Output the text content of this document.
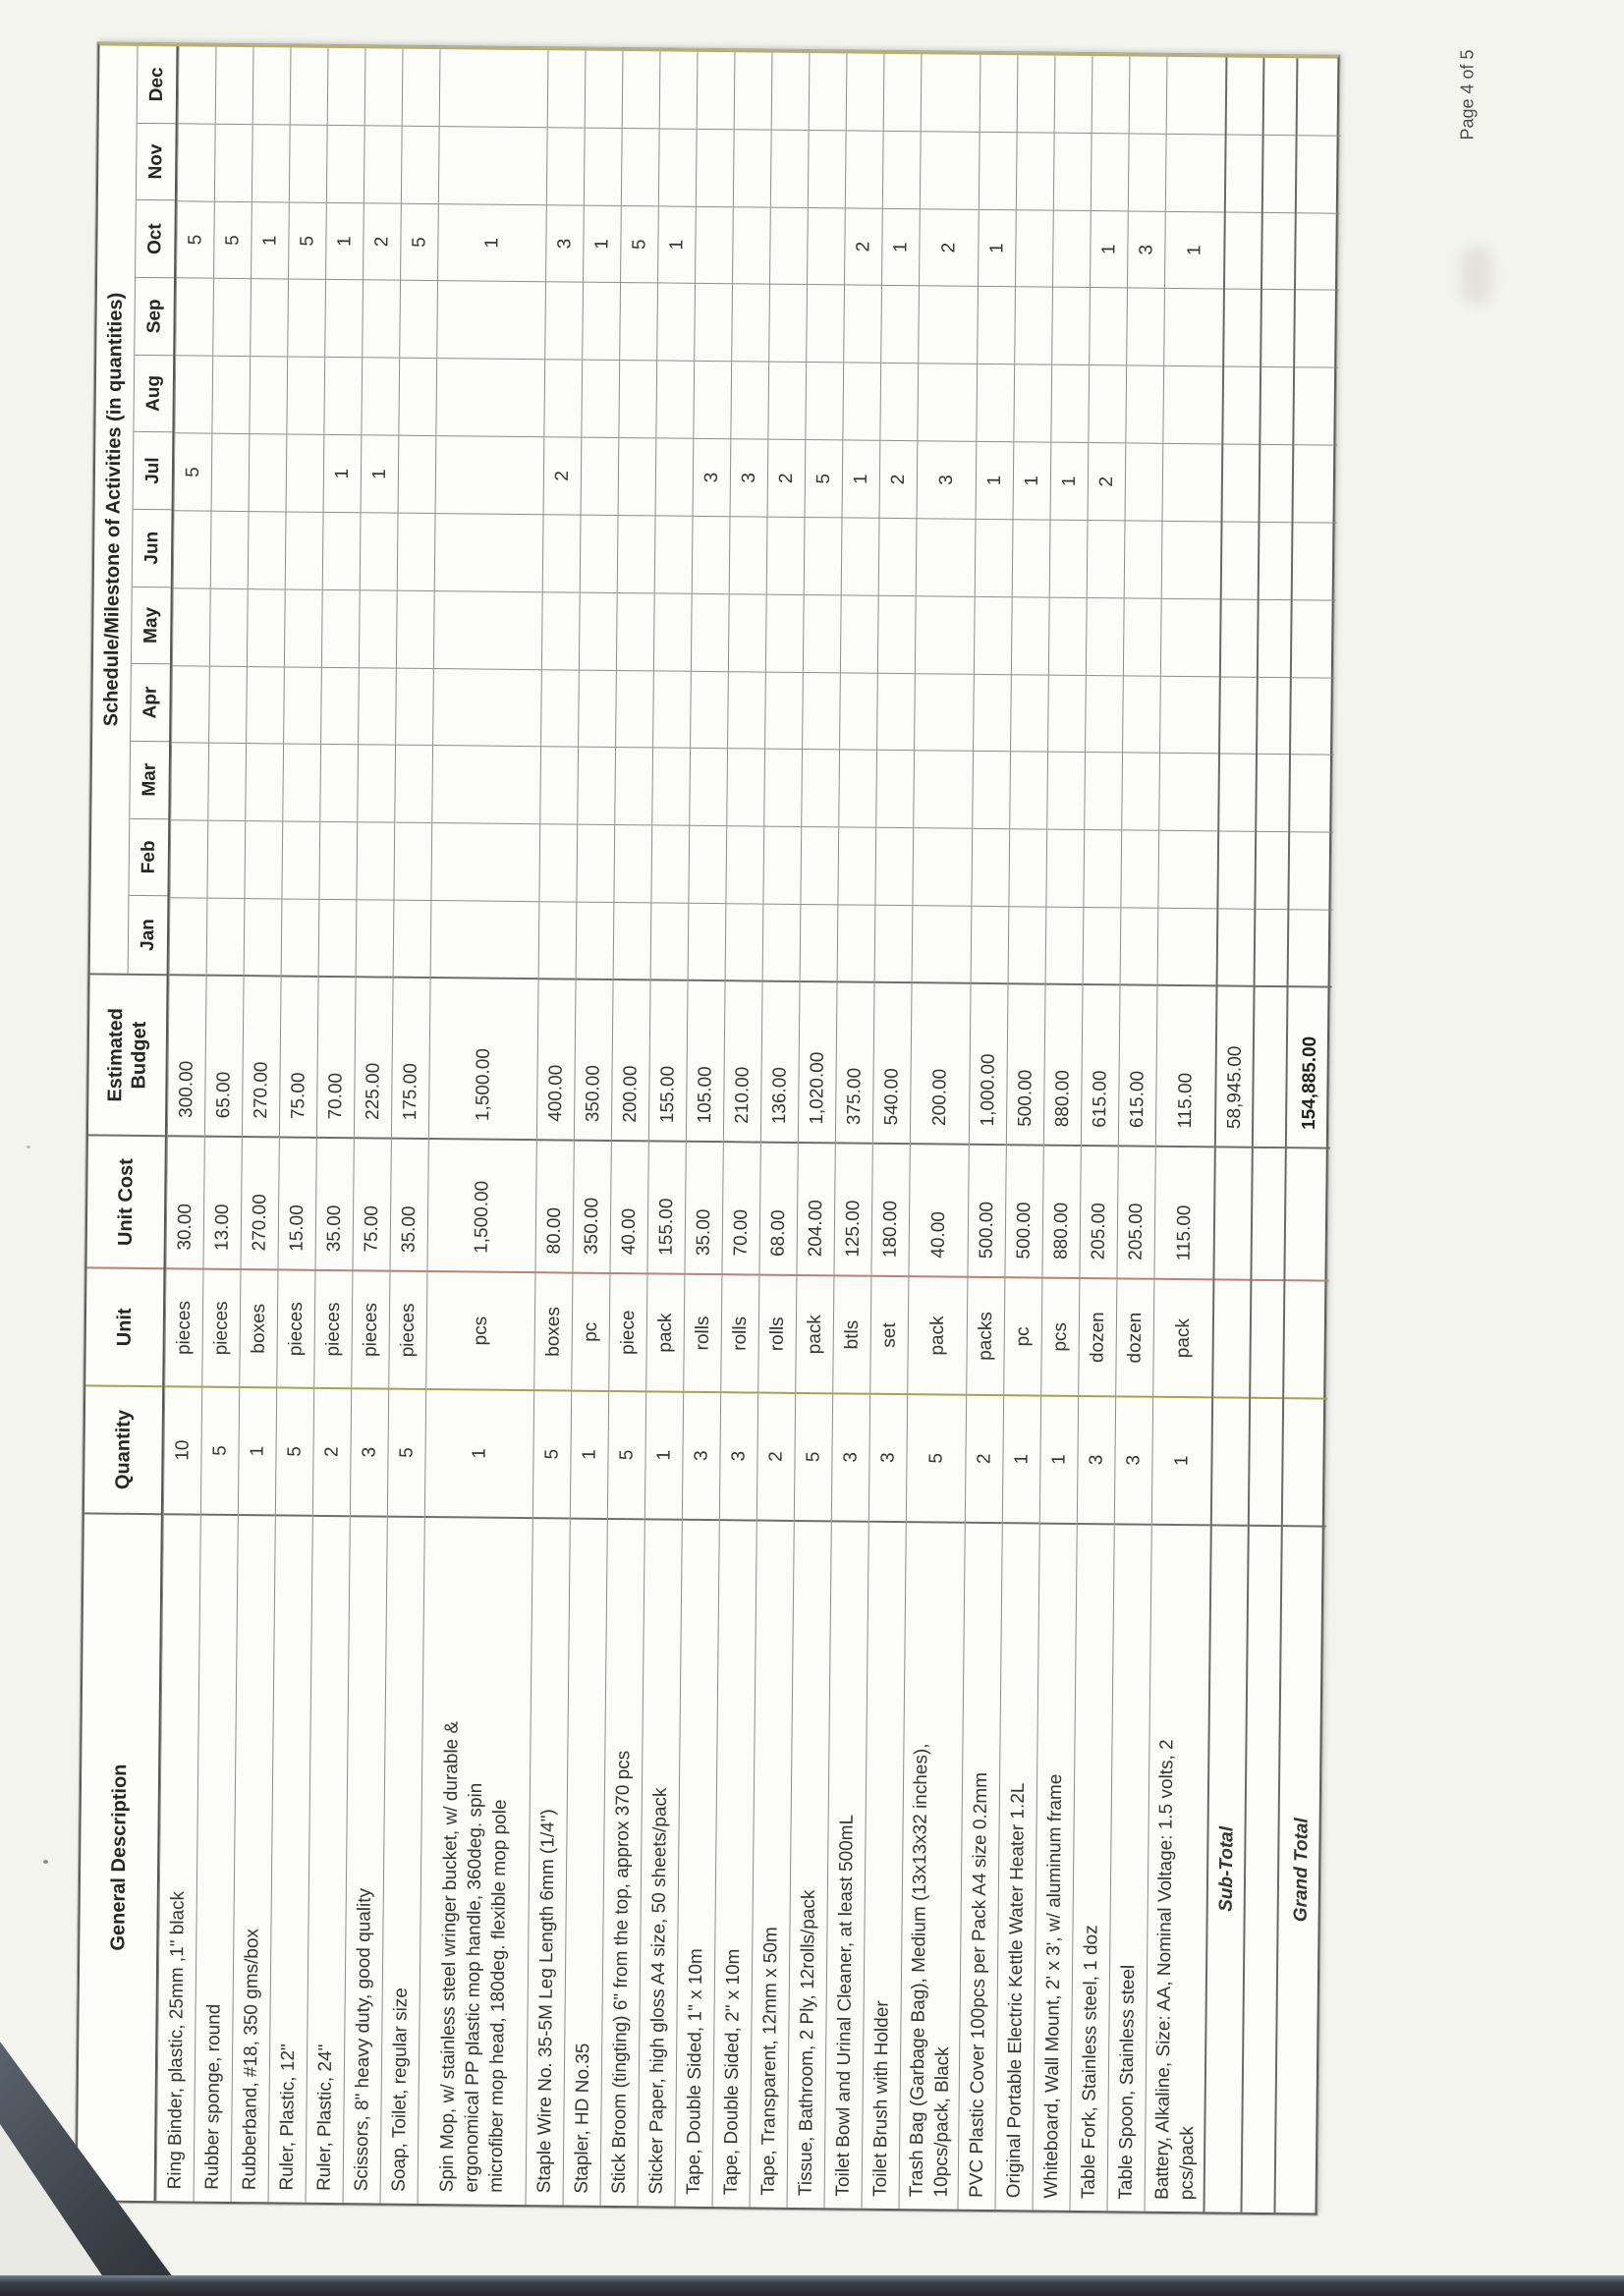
General Description
Quantity
Unit
Unit Cost
Estimated Budget
Schedule/Milestone of Activities (in quantities)
Jan
Feb
Mar
Apr
May
Jun
Jul
Aug
Sep
Oct
Nov
Dec
Ring Binder, plastic, 25mm ,1" black
10
pieces
30.00
300.00
5
5
Rubber sponge, round
5
pieces
13.00
65.00
5
Rubberband, #18, 350 gms/box
1
boxes
270.00
270.00
1
Ruler, Plastic, 12"
5
pieces
15.00
75.00
5
Ruler, Plastic, 24"
2
pieces
35.00
70.00
1
1
Scissors, 8" heavy duty, good quality
3
pieces
75.00
225.00
1
2
Soap, Toilet, regular size
5
pieces
35.00
175.00
5
Spin Mop, w/ stainless steel wringer bucket, w/ durable &
ergonomical PP plastic mop handle, 360deg. spin
microfiber mop head, 180deg. flexible mop pole
1
pcs
1,500.00
1,500.00
1
Staple Wire No. 35-5M Leg Length 6mm (1/4")
5
boxes
80.00
400.00
2
3
Stapler, HD No.35
1
pc
350.00
350.00
1
Stick Broom (tingting) 6" from the top, approx 370 pcs
5
piece
40.00
200.00
5
Sticker Paper, high gloss A4 size, 50 sheets/pack
1
pack
155.00
155.00
1
Tape, Double Sided, 1" x 10m
3
rolls
35.00
105.00
3
Tape, Double Sided, 2" x 10m
3
rolls
70.00
210.00
3
Tape, Transparent, 12mm x 50m
2
rolls
68.00
136.00
2
Tissue, Bathroom, 2 Ply, 12rolls/pack
5
pack
204.00
1,020.00
5
Toilet Bowl and Urinal Cleaner, at least 500mL
3
btls
125.00
375.00
1
2
Toilet Brush with Holder
3
set
180.00
540.00
2
1
Trash Bag (Garbage Bag), Medium (13x13x32 inches),
10pcs/pack, Black
5
pack
40.00
200.00
3
2
PVC Plastic Cover 100pcs per Pack A4 size 0.2mm
2
packs
500.00
1,000.00
1
1
Original Portable Electric Kettle Water Heater 1.2L
1
pc
500.00
500.00
1
Whiteboard, Wall Mount, 2' x 3', w/ aluminum frame
1
pcs
880.00
880.00
1
Table Fork, Stainless steel, 1 doz
3
dozen
205.00
615.00
2
1
Table Spoon, Stainless steel
3
dozen
205.00
615.00
3
Battery, Alkaline, Size: AA, Nominal Voltage: 1.5 volts, 2
pcs/pack
1
pack
115.00
115.00
1
Sub-Total
58,945.00
Grand Total
154,885.00
Page 4 of 5
